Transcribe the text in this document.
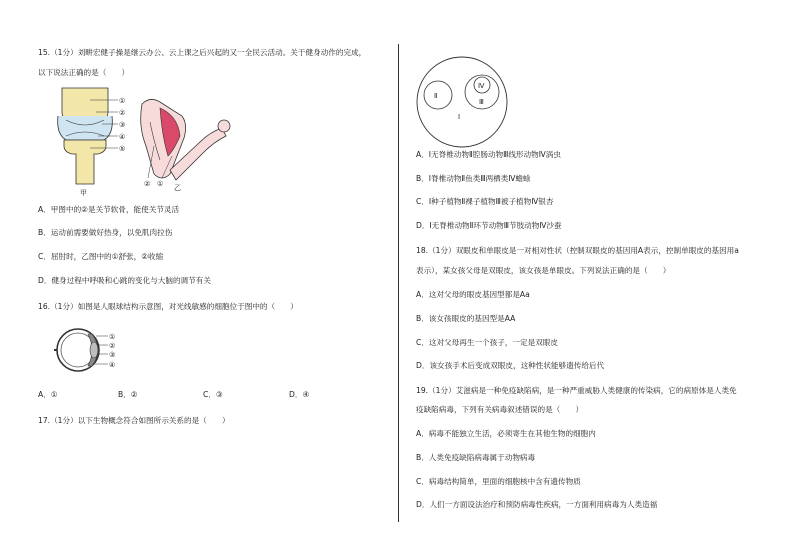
15.（1分）刘畊宏健子操是继云办公、云上课之后兴起的又一全民云活动。关于健身动作的完成，
以下说法正确的是（　　）
①
②
③
④
⑤
甲
①
②	乙
A．甲图中的②是关节软骨，能使关节灵活
B．运动前需要做好热身，以免肌肉拉伤
C．屈肘时，乙图中的①舒张，②收缩
D．健身过程中呼吸和心跳的变化与大脑的调节有关
16.（1分）如图是人眼球结构示意图，对光线敏感的细胞位于图中的（　　）
①
②
③
④
A．①	B．②	C．③	D．④
17.（1分）以下生物概念符合如图所示关系的是（　　）
Ⅰ
Ⅱ
Ⅲ
Ⅳ
A．Ⅰ无脊椎动物Ⅱ腔肠动物Ⅲ线形动物Ⅳ涡虫
B．Ⅰ脊椎动物Ⅱ鱼类Ⅲ两栖类Ⅳ蟾蜍
C．Ⅰ种子植物Ⅱ裸子植物Ⅲ被子植物Ⅳ银杏
D．Ⅰ无脊椎动物Ⅱ环节动物Ⅲ节肢动物Ⅳ沙蚕
18.（1分）双眼皮和单眼皮是一对相对性状（控制双眼皮的基因用A表示，控制单眼皮的基因用a
表示），某女孩父母是双眼皮，该女孩是单眼皮。下列说法正确的是（　　）
A．这对父母的眼皮基因型都是Aa
B．该女孩眼皮的基因型是AA
C．这对父母再生一个孩子，一定是双眼皮
D．该女孩手术后变成双眼皮，这种性状能够遗传给后代
19.（1分）艾滋病是一种免疫缺陷病，是一种严重威胁人类健康的传染病，它的病原体是人类免
疫缺陷病毒，下列有关病毒叙述错误的是（　　）
A．病毒不能独立生活，必须寄生在其他生物的细胞内
B．人类免疫缺陷病毒属于动物病毒
C．病毒结构简单，里面的细胞核中含有遗传物质
D．人们一方面设法治疗和预防病毒性疾病，一方面利用病毒为人类造福
